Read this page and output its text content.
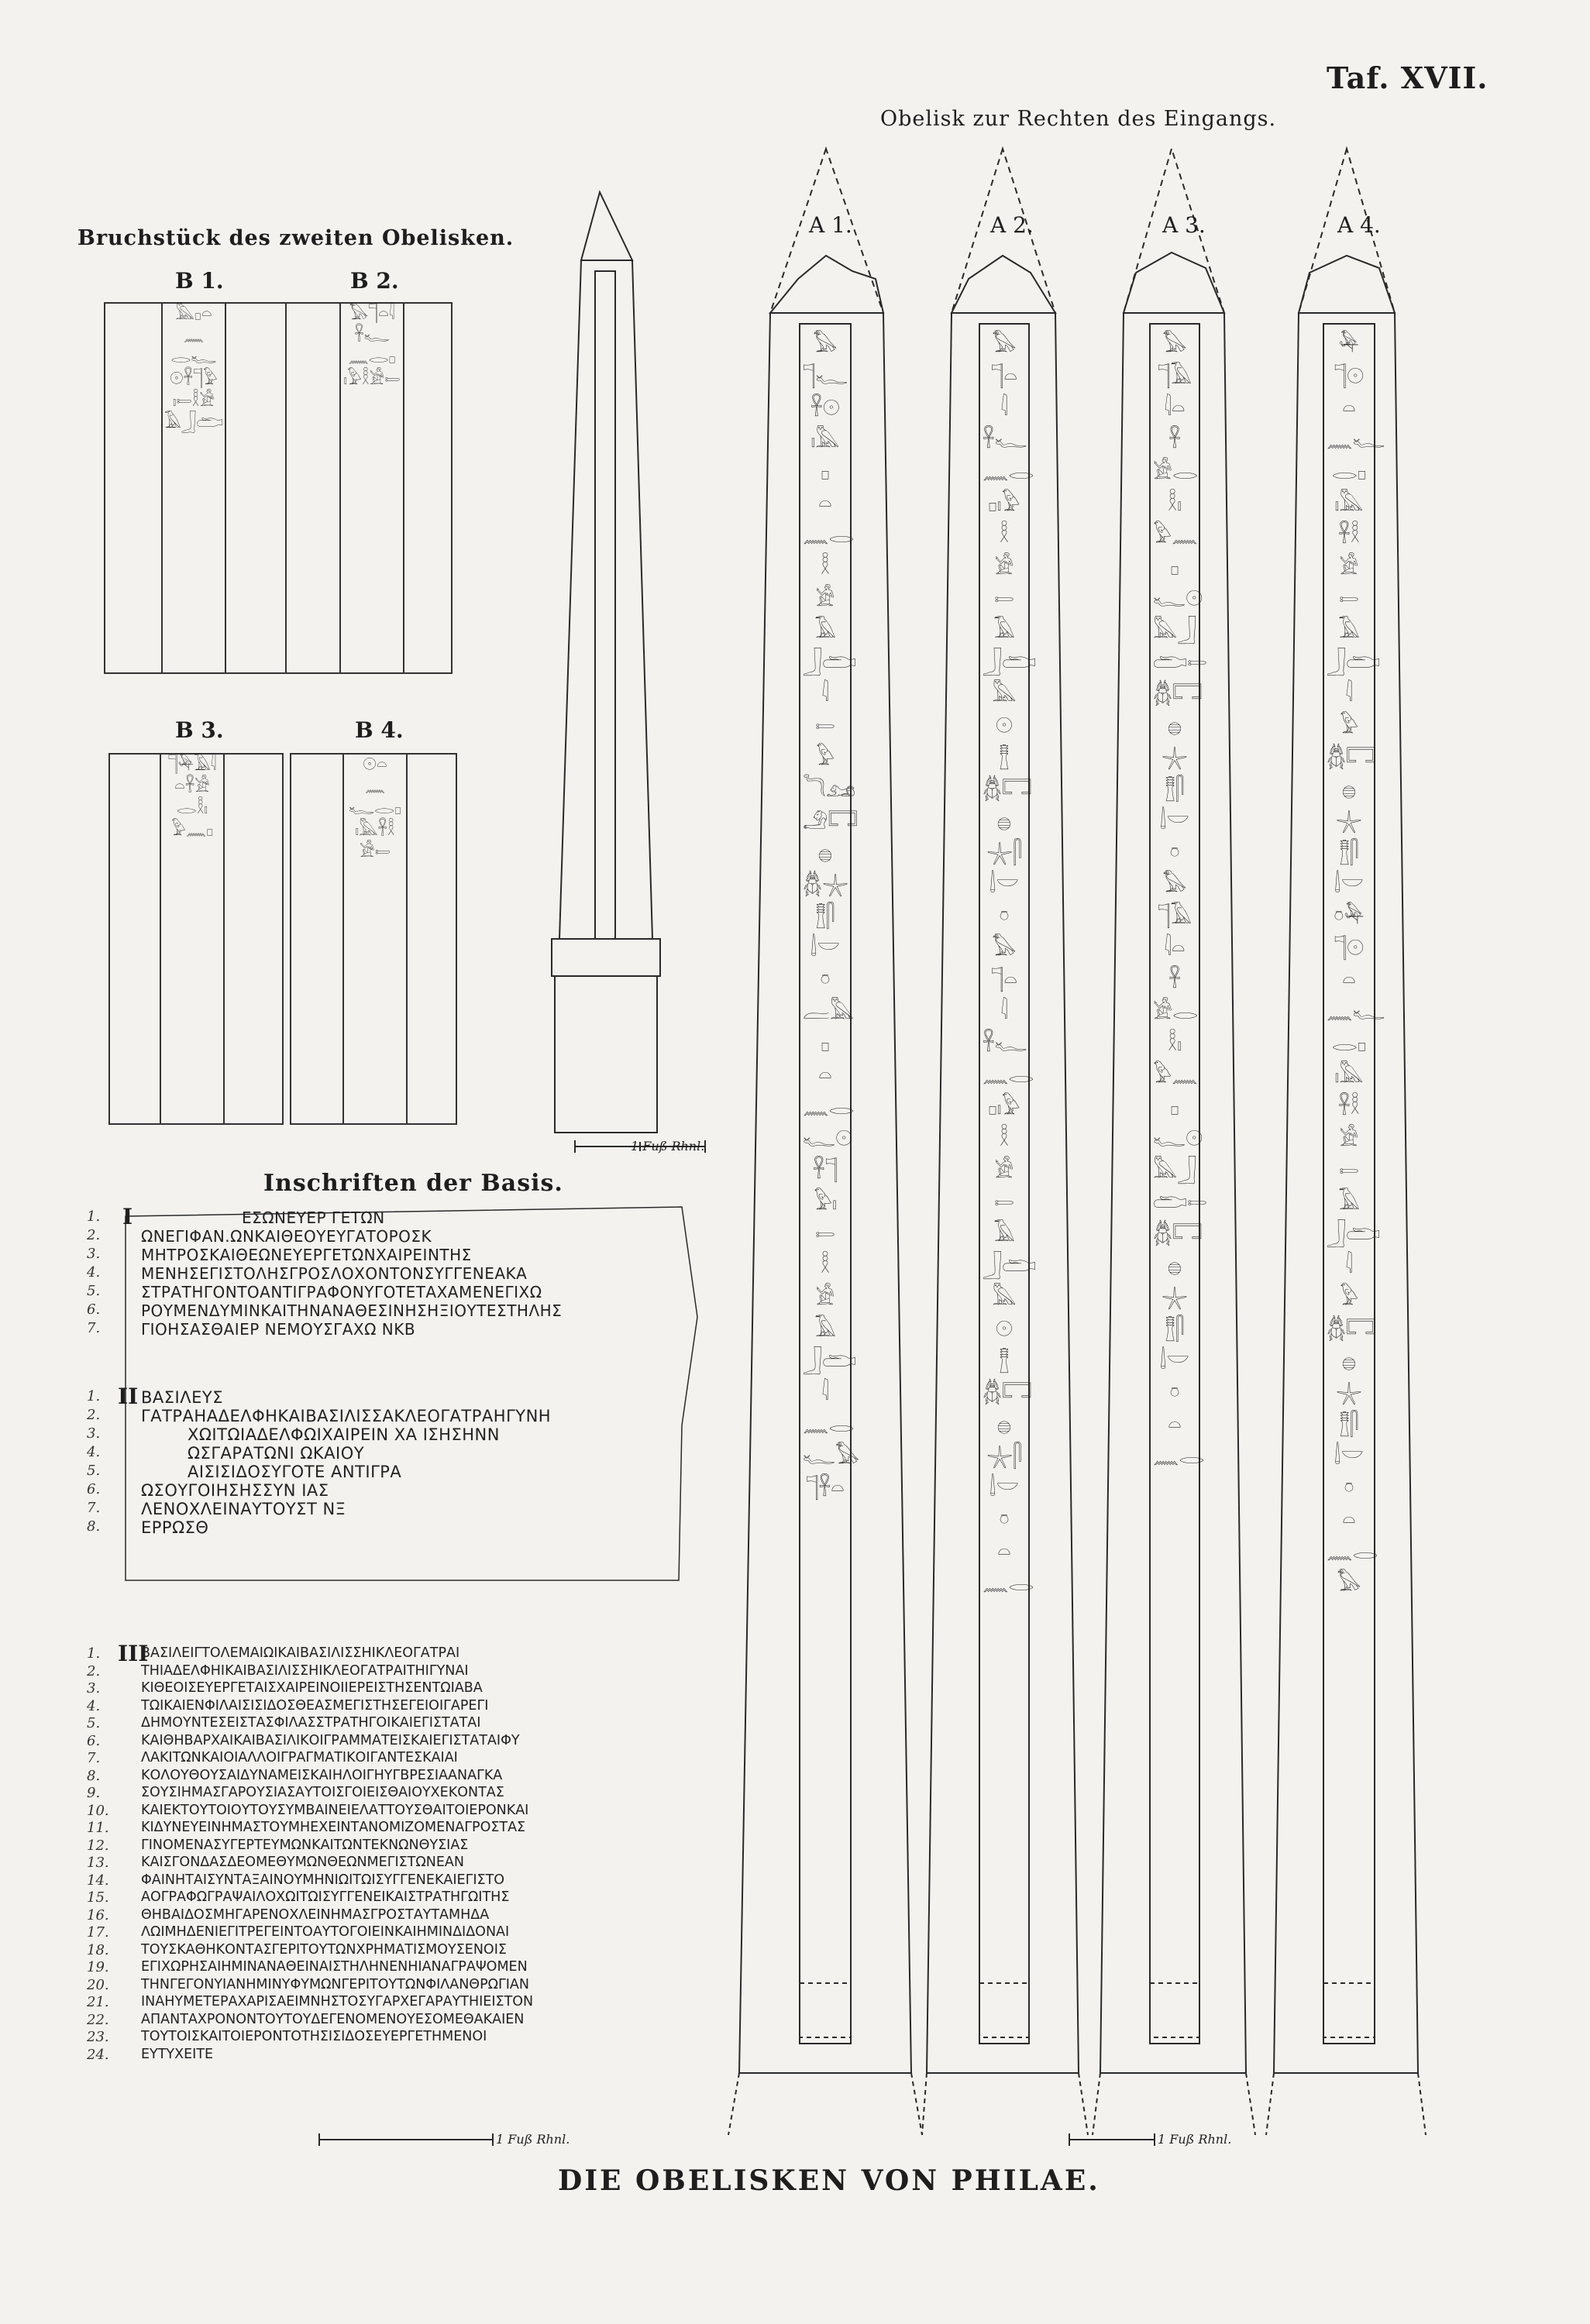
Taf. XVII.
Obelisk zur Rechten des Eingangs.
Bruchstück des zweiten Obelisken.
Inschriften der Basis.
DIE OBELISKEN VON PHILAE.
B 1.	B 2.
B 3.	B 4.
𓅓𓊪𓏏𓈖𓂋𓆑𓇳𓋹𓊹𓅱𓏤𓍿𓎛𓀀𓄿𓃀𓂧
𓅃𓊹𓏏𓇋𓋹𓆑𓈖𓂋𓊪𓏤𓅱𓎛𓀀𓍿
𓊹𓅆𓄿𓇋𓏏𓋹𓀀𓂋𓎛𓏤𓅱𓈖𓊪
𓇳𓏏𓈖𓆑𓂋𓊪𓏤𓅓𓋹𓎛𓀀𓍿
A 1.	A 2.	A 3.	A 4.
𓅃𓊹𓆑𓋹𓇳𓏤𓅓𓊪𓏏𓈖𓂋𓎛𓀀𓄿𓃀𓂧𓇋𓍿𓅱𓆓𓃭𓄂𓉐𓐍𓆣𓇼𓊽𓋴𓌃𓎟𓏌𓐛𓅓𓊪𓏏𓈖𓂋𓆑𓇳𓋹𓊹𓅱𓏤𓍿𓎛𓀀𓄿𓃀𓂧𓇋𓈖𓂋𓆑𓅃𓊹𓋹𓏏
𓅃𓊹𓏏𓇋𓋹𓆑𓈖𓂋𓊪𓏤𓅱𓎛𓀀𓍿𓄿𓃀𓂧𓅓𓇳𓊽𓆣𓉐𓐍𓇼𓋴𓌃𓎟𓏌𓅃𓊹𓏏𓇋𓋹𓆑𓈖𓂋𓊪𓏤𓅱𓎛𓀀𓍿𓄿𓃀𓂧𓅓𓇳𓊽𓆣𓉐𓐍𓇼𓋴𓌃𓎟𓏌𓏏𓈖𓂋
𓅃𓊹𓄿𓇋𓏏𓋹𓀀𓂋𓎛𓏤𓅱𓈖𓊪𓆑𓇳𓅓𓃀𓂧𓍿𓆣𓉐𓐍𓇼𓊽𓋴𓌃𓎟𓏌𓅃𓊹𓄿𓇋𓏏𓋹𓀀𓂋𓎛𓏤𓅱𓈖𓊪𓆑𓇳𓅓𓃀𓂧𓍿𓆣𓉐𓐍𓇼𓊽𓋴𓌃𓎟𓏌𓏏𓈖𓂋
𓅆𓊹𓇳𓏏𓈖𓆑𓂋𓊪𓏤𓅓𓋹𓎛𓀀𓍿𓄿𓃀𓂧𓇋𓅱𓆣𓉐𓐍𓇼𓊽𓋴𓌃𓎟𓏌𓅆𓊹𓇳𓏏𓈖𓆑𓂋𓊪𓏤𓅓𓋹𓎛𓀀𓍿𓄿𓃀𓂧𓇋𓅱𓆣𓉐𓐍𓇼𓊽𓋴𓌃𓎟𓏌𓏏𓈖𓂋𓅃
1 Fuß Rhnl.
1 Fuß Rhnl.
1 Fuß Rhnl.
I
1.	ΕΣΩΝΕΥΕΡ ΓΕΤΩΝ
2.	ΩΝΕΓΙΦΑΝ.ΩΝΚΑΙΘΕΟΥΕΥΓΑΤΟΡΟΣΚ
3.	ΜΗΤΡΟΣΚΑΙΘΕΩΝΕΥΕΡΓΕΤΩΝΧΑΙΡΕΙΝΤΗΣ
4.	ΜΕΝΗΣΕΓΙΣΤΟΛΗΣΓΡΟΣΛΟΧΟΝΤΟΝΣΥΓΓΕΝΕΑΚΑ
5.	ΣΤΡΑΤΗΓΟΝΤΟΑΝΤΙΓΡΑΦΟΝΥΓΟΤΕΤΑΧΑΜΕΝΕΓΙΧΩ
6.	ΡΟΥΜΕΝΔΥΜΙΝΚΑΙΤΗΝΑΝΑΘΕΣΙΝΗΣΗΞΙΟΥΤΕΣΤΗΛΗΣ
7.	ΓΙΟΗΣΑΣΘΑΙΕΡ ΝΕΜΟΥΣΓΑΧΩ ΝΚΒ
II
1.	ΒΑΣΙΛΕΥΣ
2.	ΓΑΤΡΑΗΑΔΕΛΦΗΚΑΙΒΑΣΙΛΙΣΣΑΚΛΕΟΓΑΤΡΑΗΓΥΝΗ
3.	ΧΩΙΤΩΙΑΔΕΛΦΩΙΧΑΙΡΕΙΝ ΧΑ ΙΣΗΣΗΝΝ
4.	ΩΣΓΑΡΑΤΩΝΙ ΩΚΑΙΟΥ
5.	ΑΙΣΙΣΙΔΟΣΥΓΟΤΕ ΑΝΤΙΓΡΑ
6.	ΩΣΟΥΓΟΙΗΣΗΣΣΥΝ ΙΑΣ
7.	ΛΕΝΟΧΛΕΙΝΑΥΤΟΥΣΤ ΝΞ
8.	ΕΡΡΩΣΘ
III
1.	ΒΑΣΙΛΕΙΓΤΟΛΕΜΑΙΩΙΚΑΙΒΑΣΙΛΙΣΣΗΙΚΛΕΟΓΑΤΡΑΙ
2.	ΤΗΙΑΔΕΛΦΗΙΚΑΙΒΑΣΙΛΙΣΣΗΙΚΛΕΟΓΑΤΡΑΙΤΗΙΓΥΝΑΙ
3.	ΚΙΘΕΟΙΣΕΥΕΡΓΕΤΑΙΣΧΑΙΡΕΙΝΟΙΙΕΡΕΙΣΤΗΣΕΝΤΩΙΑΒΑ
4.	ΤΩΙΚΑΙΕΝΦΙΛΑΙΣΙΣΙΔΟΣΘΕΑΣΜΕΓΙΣΤΗΣΕΓΕΙΟΙΓΑΡΕΓΙ
5.	ΔΗΜΟΥΝΤΕΣΕΙΣΤΑΣΦΙΛΑΣΣΤΡΑΤΗΓΟΙΚΑΙΕΓΙΣΤΑΤΑΙ
6.	ΚΑΙΘΗΒΑΡΧΑΙΚΑΙΒΑΣΙΛΙΚΟΙΓΡΑΜΜΑΤΕΙΣΚΑΙΕΓΙΣΤΑΤΑΙΦΥ
7.	ΛΑΚΙΤΩΝΚΑΙΟΙΑΛΛΟΙΓΡΑΓΜΑΤΙΚΟΙΓΑΝΤΕΣΚΑΙΑΙ
8.	ΚΟΛΟΥΘΟΥΣΑΙΔΥΝΑΜΕΙΣΚΑΙΗΛΟΙΓΗΥΓΒΡΕΣΙΑΑΝΑΓΚΑ
9.	ΣΟΥΣΙΗΜΑΣΓΑΡΟΥΣΙΑΣΑΥΤΟΙΣΓΟΙΕΙΣΘΑΙΟΥΧΕΚΟΝΤΑΣ
10.	ΚΑΙΕΚΤΟΥΤΟΙΟΥΤΟΥΣΥΜΒΑΙΝΕΙΕΛΑΤΤΟΥΣΘΑΙΤΟΙΕΡΟΝΚΑΙ
11.	ΚΙΔΥΝΕΥΕΙΝΗΜΑΣΤΟΥΜΗΕΧΕΙΝΤΑΝΟΜΙΖΟΜΕΝΑΓΡΟΣΤΑΣ
12.	ΓΙΝΟΜΕΝΑΣΥΓΕΡΤΕΥΜΩΝΚΑΙΤΩΝΤΕΚΝΩΝΘΥΣΙΑΣ
13.	ΚΑΙΣΓΟΝΔΑΣΔΕΟΜΕΘΥΜΩΝΘΕΩΝΜΕΓΙΣΤΩΝΕΑΝ
14.	ΦΑΙΝΗΤΑΙΣΥΝΤΑΞΑΙΝΟΥΜΗΝΙΩΙΤΩΙΣΥΓΓΕΝΕΚΑΙΕΓΙΣΤΟ
15.	ΑΟΓΡΑΦΩΓΡΑΨΑΙΛΟΧΩΙΤΩΙΣΥΓΓΕΝΕΙΚΑΙΣΤΡΑΤΗΓΩΙΤΗΣ
16.	ΘΗΒΑΙΔΟΣΜΗΓΑΡΕΝΟΧΛΕΙΝΗΜΑΣΓΡΟΣΤΑΥΤΑΜΗΔΑ
17.	ΛΩΙΜΗΔΕΝΙΕΓΙΤΡΕΓΕΙΝΤΟΑΥΤΟΓΟΙΕΙΝΚΑΙΗΜΙΝΔΙΔΟΝΑΙ
18.	ΤΟΥΣΚΑΘΗΚΟΝΤΑΣΓΕΡΙΤΟΥΤΩΝΧΡΗΜΑΤΙΣΜΟΥΣΕΝΟΙΣ
19.	ΕΓΙΧΩΡΗΣΑΙΗΜΙΝΑΝΑΘΕΙΝΑΙΣΤΗΛΗΝΕΝΗΙΑΝΑΓΡΑΨΟΜΕΝ
20.	ΤΗΝΓΕΓΟΝΥΙΑΝΗΜΙΝΥΦΥΜΩΝΓΕΡΙΤΟΥΤΩΝΦΙΛΑΝΘΡΩΓΙΑΝ
21.	ΙΝΑΗΥΜΕΤΕΡΑΧΑΡΙΣΑΕΙΜΝΗΣΤΟΣΥΓΑΡΧΕΓΑΡΑΥΤΗΙΕΙΣΤΟΝ
22.	ΑΠΑΝΤΑΧΡΟΝΟΝΤΟΥΤΟΥΔΕΓΕΝΟΜΕΝΟΥΕΣΟΜΕΘΑΚΑΙΕΝ
23.	ΤΟΥΤΟΙΣΚΑΙΤΟΙΕΡΟΝΤΟΤΗΣΙΣΙΔΟΣΕΥΕΡΓΕΤΗΜΕΝΟΙ
24.	ΕΥΤΥΧΕΙΤΕ
